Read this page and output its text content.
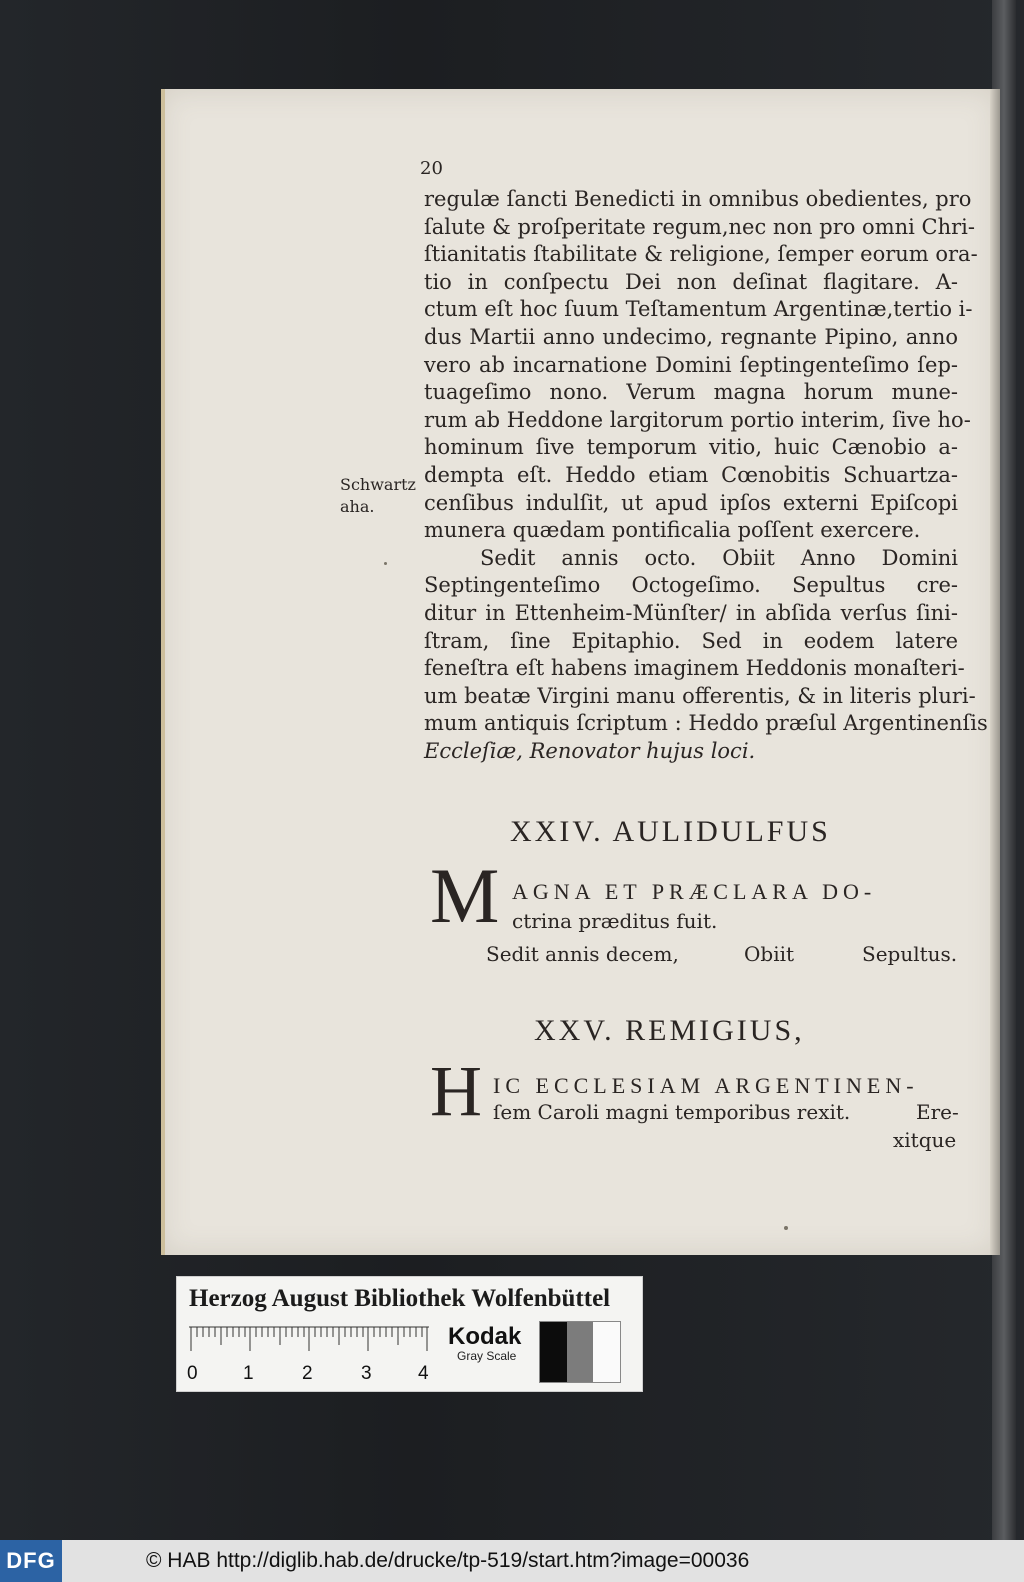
20
regulæ ſancti Benedicti in omnibus obedientes, pro
ſalute & proſperitate regum,nec non pro omni Chri-
ſtianitatis ſtabilitate & religione, ſemper eorum ora-
tio in conſpectu Dei non deſinat flagitare. A-
ctum eſt hoc ſuum Teſtamentum Argentinæ,tertio i-
dus Martii anno undecimo, regnante Pipino, anno
vero ab incarnatione Domini ſeptingenteſimo ſep-
tuageſimo nono. Verum magna horum mune-
rum ab Heddone largitorum portio interim, ſive ho-
hominum ſive temporum vitio, huic Cænobio a-
dempta eſt. Heddo etiam Cœnobitis Schuartza-
cenſibus indulſit, ut apud ipſos externi Epiſcopi
munera quædam pontificalia poſſent exercere.
Sedit annis octo. Obiit Anno Domini
Septingenteſimo Octogeſimo. Sepultus cre-
ditur in Ettenheim-Münſter/ in abſida verſus ſini-
ſtram, ſine Epitaphio. Sed in eodem latere
feneſtra eſt habens imaginem Heddonis monaſteri-
um beatæ Virgini manu offerentis, & in literis pluri-
mum antiquis ſcriptum : Heddo præſul Argentinenſis
Eccleſiæ, Renovator hujus loci.
Schwartz
aha.
XXIV. AULIDULFUS
M AGNA ET PRÆCLARA DO-
ctrina præditus fuit.
Sedit annis decem,	Obiit	Sepultus.
XXV. REMIGIUS,
H IC ECCLESIAM ARGENTINEN-
ſem Caroli magni temporibus rexit.	Ere-
xitque
Herzog August Bibliothek Wolfenbüttel
0 1	2	3 4
Kodak
Gray Scale
DFG	© HAB http://diglib.hab.de/drucke/tp-519/start.htm?image=00036
